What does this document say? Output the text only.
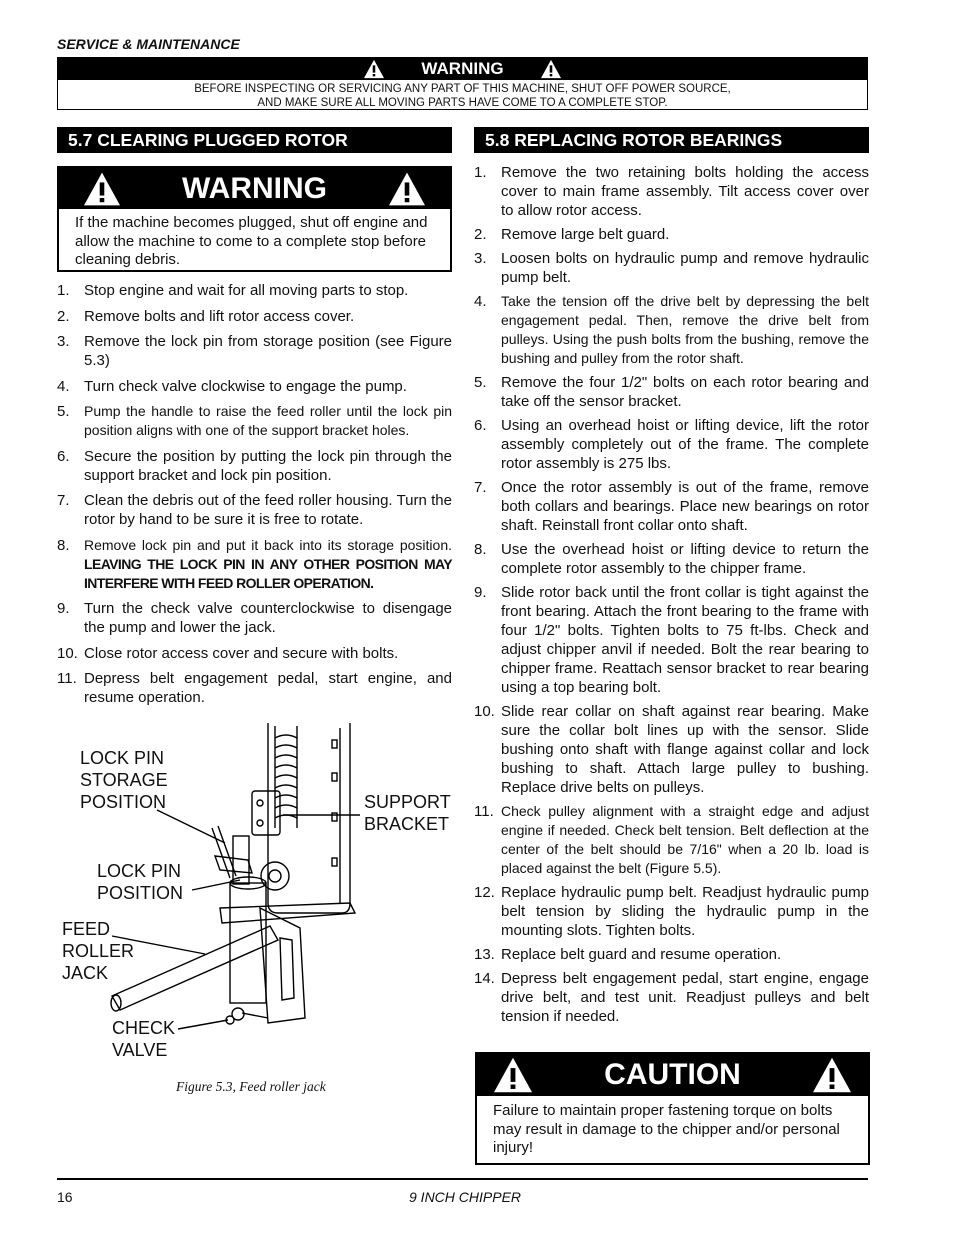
SERVICE & MAINTENANCE
WARNING
BEFORE INSPECTING OR SERVICING ANY PART OF THIS MACHINE, SHUT OFF POWER SOURCE,
AND MAKE SURE ALL MOVING PARTS HAVE COME TO A COMPLETE STOP.
5.7 CLEARING PLUGGED ROTOR
WARNING
If the machine becomes plugged, shut off engine and allow the machine to come to a complete stop before cleaning debris.
1. Stop engine and wait for all moving parts to stop.
2. Remove bolts and lift rotor access cover.
3. Remove the lock pin from storage position (see Figure 5.3)
4. Turn check valve clockwise to engage the pump.
5. Pump the handle to raise the feed roller until the lock pin position aligns with one of the support bracket holes.
6. Secure the position by putting the lock pin through the support bracket and lock pin position.
7. Clean the debris out of the feed roller housing. Turn the rotor by hand to be sure it is free to rotate.
8. Remove lock pin and put it back into its storage position. LEAVING THE LOCK PIN IN ANY OTHER POSITION MAY INTERFERE WITH FEED ROLLER OPERATION.
9. Turn the check valve counterclockwise to disengage the pump and lower the jack.
10. Close rotor access cover and secure with bolts.
11. Depress belt engagement pedal, start engine, and resume operation.
LOCK PIN
STORAGE
POSITION	SUPPORT
BRACKET
LOCK PIN
POSITION
FEED
ROLLER
JACK
CHECK
VALVE
Figure 5.3, Feed roller jack
5.8 REPLACING ROTOR BEARINGS
1. Remove the two retaining bolts holding the access cover to main frame assembly. Tilt access cover over to allow rotor access.
2. Remove large belt guard.
3. Loosen bolts on hydraulic pump and remove hydraulic pump belt.
4. Take the tension off the drive belt by depressing the belt engagement pedal. Then, remove the drive belt from pulleys. Using the push bolts from the bushing, remove the bushing and pulley from the rotor shaft.
5. Remove the four 1/2" bolts on each rotor bearing and take off the sensor bracket.
6. Using an overhead hoist or lifting device, lift the rotor assembly completely out of the frame. The complete rotor assembly is 275 lbs.
7. Once the rotor assembly is out of the frame, remove both collars and bearings. Place new bearings on rotor shaft. Reinstall front collar onto shaft.
8. Use the overhead hoist or lifting device to return the complete rotor assembly to the chipper frame.
9. Slide rotor back until the front collar is tight against the front bearing. Attach the front bearing to the frame with four 1/2" bolts. Tighten bolts to 75 ft-lbs. Check and adjust chipper anvil if needed. Bolt the rear bearing to chipper frame. Reattach sensor bracket to rear bearing using a top bearing bolt.
10. Slide rear collar on shaft against rear bearing. Make sure the collar bolt lines up with the sensor. Slide bushing onto shaft with flange against collar and lock bushing to shaft. Attach large pulley to bushing. Replace drive belts on pulleys.
11. Check pulley alignment with a straight edge and adjust engine if needed. Check belt tension. Belt deflection at the center of the belt should be 7/16" when a 20 lb. load is placed against the belt (Figure 5.5).
12. Replace hydraulic pump belt. Readjust hydraulic pump belt tension by sliding the hydraulic pump in the mounting slots. Tighten bolts.
13. Replace belt guard and resume operation.
14. Depress belt engagement pedal, start engine, engage drive belt, and test unit. Readjust pulleys and belt tension if needed.
CAUTION
Failure to maintain proper fastening torque on bolts may result in damage to the chipper and/or personal injury!
16	9 INCH CHIPPER
